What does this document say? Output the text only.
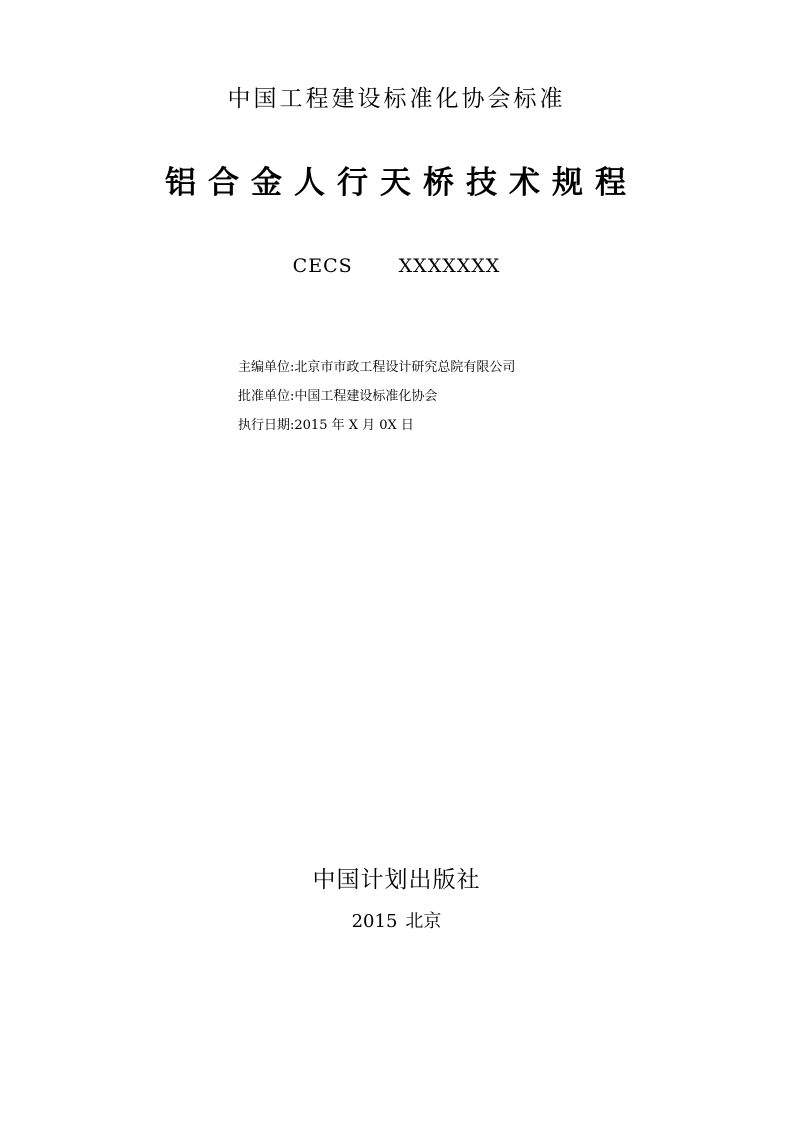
中国工程建设标准化协会标准
铝合金人行天桥技术规程
CECS XXXXXXX
主编单位:北京市市政工程设计研究总院有限公司
批准单位:中国工程建设标准化协会
执行日期:2015 年 X 月 0X 日
中国计划出版社
2015 北京
